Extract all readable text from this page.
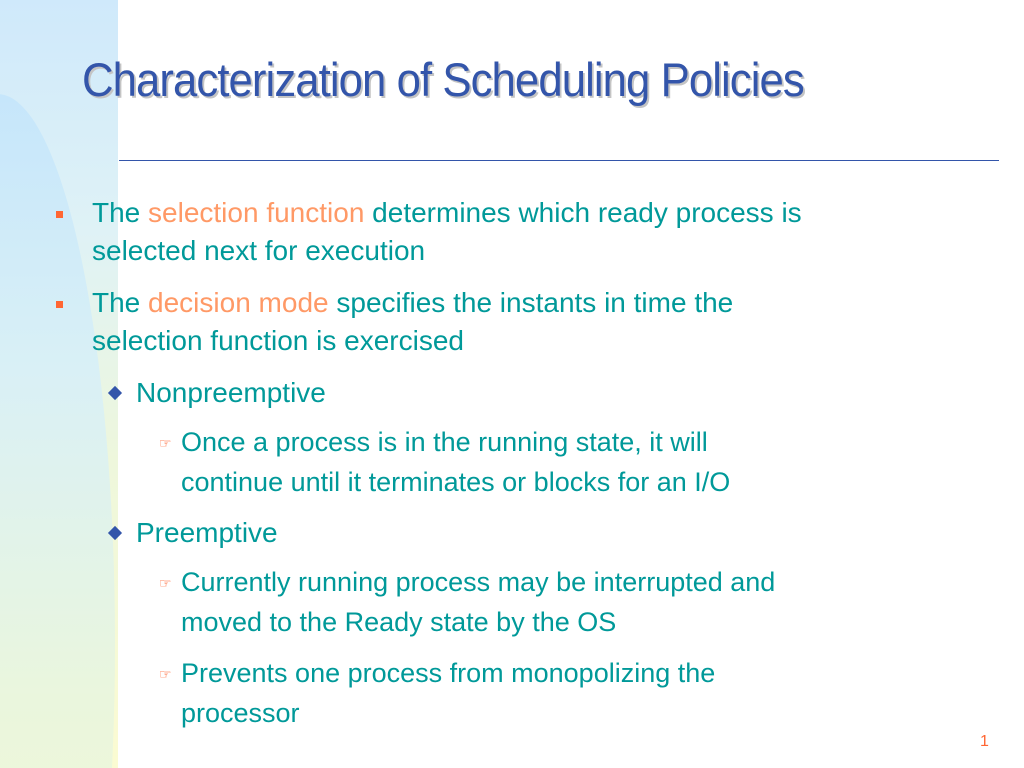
Characterization of Scheduling Policies
The selection function determines which ready process is
selected next for execution
The decision mode specifies the instants in time the
selection function is exercised
Nonpreemptive
☞ Once a process is in the running state, it will
continue until it terminates or blocks for an I/O
Preemptive
☞ Currently running process may be interrupted and
moved to the Ready state by the OS
☞ Prevents one process from monopolizing the
processor
1
